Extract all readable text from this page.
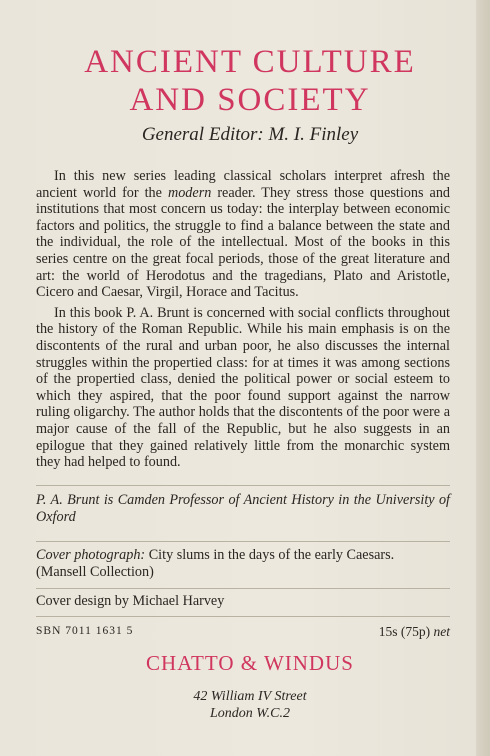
ANCIENT CULTURE
AND SOCIETY
General Editor: M. I. Finley

In this new series leading classical scholars interpret afresh the ancient world for the modern reader. They stress those questions and institutions that most concern us today: the interplay between economic factors and politics, the struggle to find a balance between the state and the individual, the role of the intellectual. Most of the books in this series centre on the great focal periods, those of the great literature and art: the world of Herodotus and the tragedians, Plato and Aristotle, Cicero and Caesar, Virgil, Horace and Tacitus.

In this book P. A. Brunt is concerned with social conflicts throughout the history of the Roman Republic. While his main emphasis is on the discontents of the rural and urban poor, he also discusses the internal struggles within the propertied class: for at times it was among sections of the propertied class, denied the political power or social esteem to which they aspired, that the poor found support against the narrow ruling oligarchy. The author holds that the discontents of the poor were a major cause of the fall of the Republic, but he also suggests in an epilogue that they gained relatively little from the monarchic system they had helped to found.

P. A. Brunt is Camden Professor of Ancient History in the University of Oxford
Cover photograph: City slums in the days of the early Caesars.
(Mansell Collection)
Cover design by Michael Harvey
SBN 7011 1631 5	15s (75p) net
CHATTO & WINDUS
42 William IV Street
London W.C.2
